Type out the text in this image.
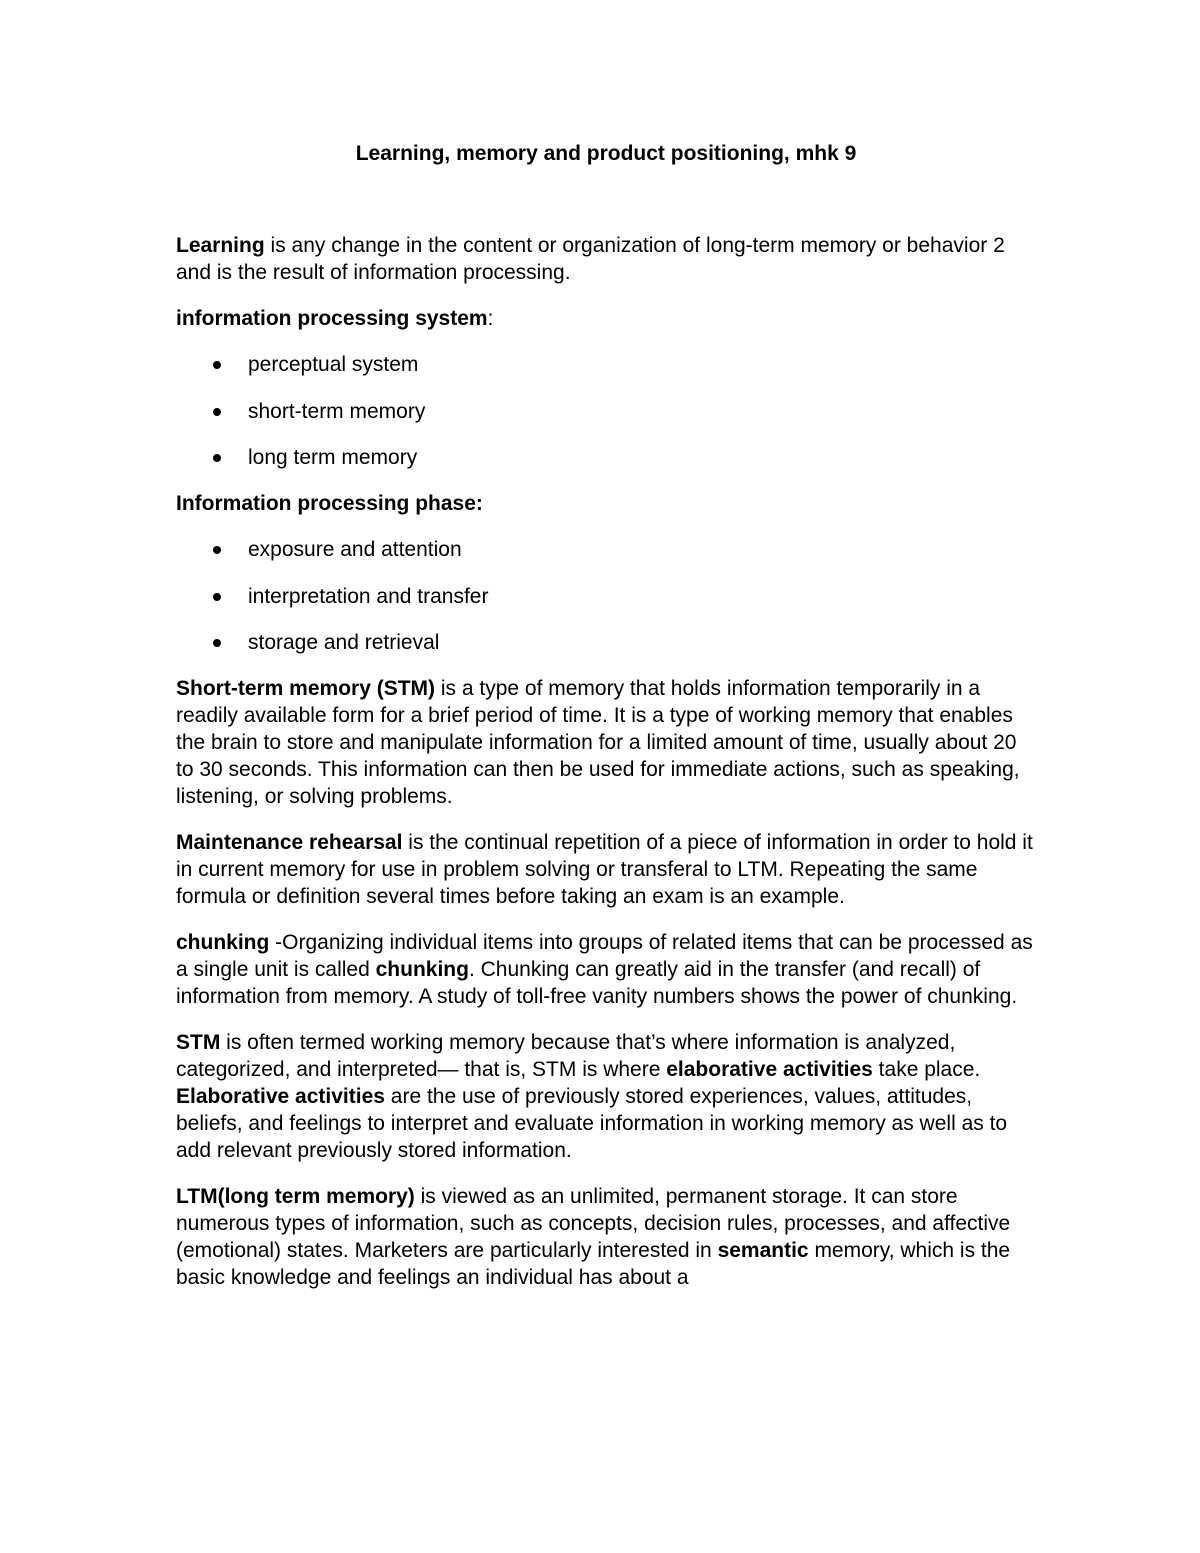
Learning, memory and product positioning, mhk 9

Learning is any change in the content or organization of long-term memory or behavior 2 and is the result of information processing.

information processing system:

perceptual system
short-term memory
long term memory

Information processing phase:

exposure and attention
interpretation and transfer
storage and retrieval

Short-term memory (STM) is a type of memory that holds information temporarily in a readily available form for a brief period of time. It is a type of working memory that enables the brain to store and manipulate information for a limited amount of time, usually about 20 to 30 seconds. This information can then be used for immediate actions, such as speaking, listening, or solving problems.

Maintenance rehearsal is the continual repetition of a piece of information in order to hold it in current memory for use in problem solving or transferal to LTM. Repeating the same formula or definition several times before taking an exam is an example.

chunking -Organizing individual items into groups of related items that can be processed as a single unit is called chunking. Chunking can greatly aid in the transfer (and recall) of information from memory. A study of toll-free vanity numbers shows the power of chunking.

STM is often termed working memory because that’s where information is analyzed, categorized, and interpreted— that is, STM is where elaborative activities take place. Elaborative activities are the use of previously stored experiences, values, attitudes, beliefs, and feelings to interpret and evaluate information in working memory as well as to add relevant previously stored information.

LTM(long term memory) is viewed as an unlimited, permanent storage. It can store numerous types of information, such as concepts, decision rules, processes, and affective (emotional) states. Marketers are particularly interested in semantic memory, which is the basic knowledge and feelings an individual has about a
